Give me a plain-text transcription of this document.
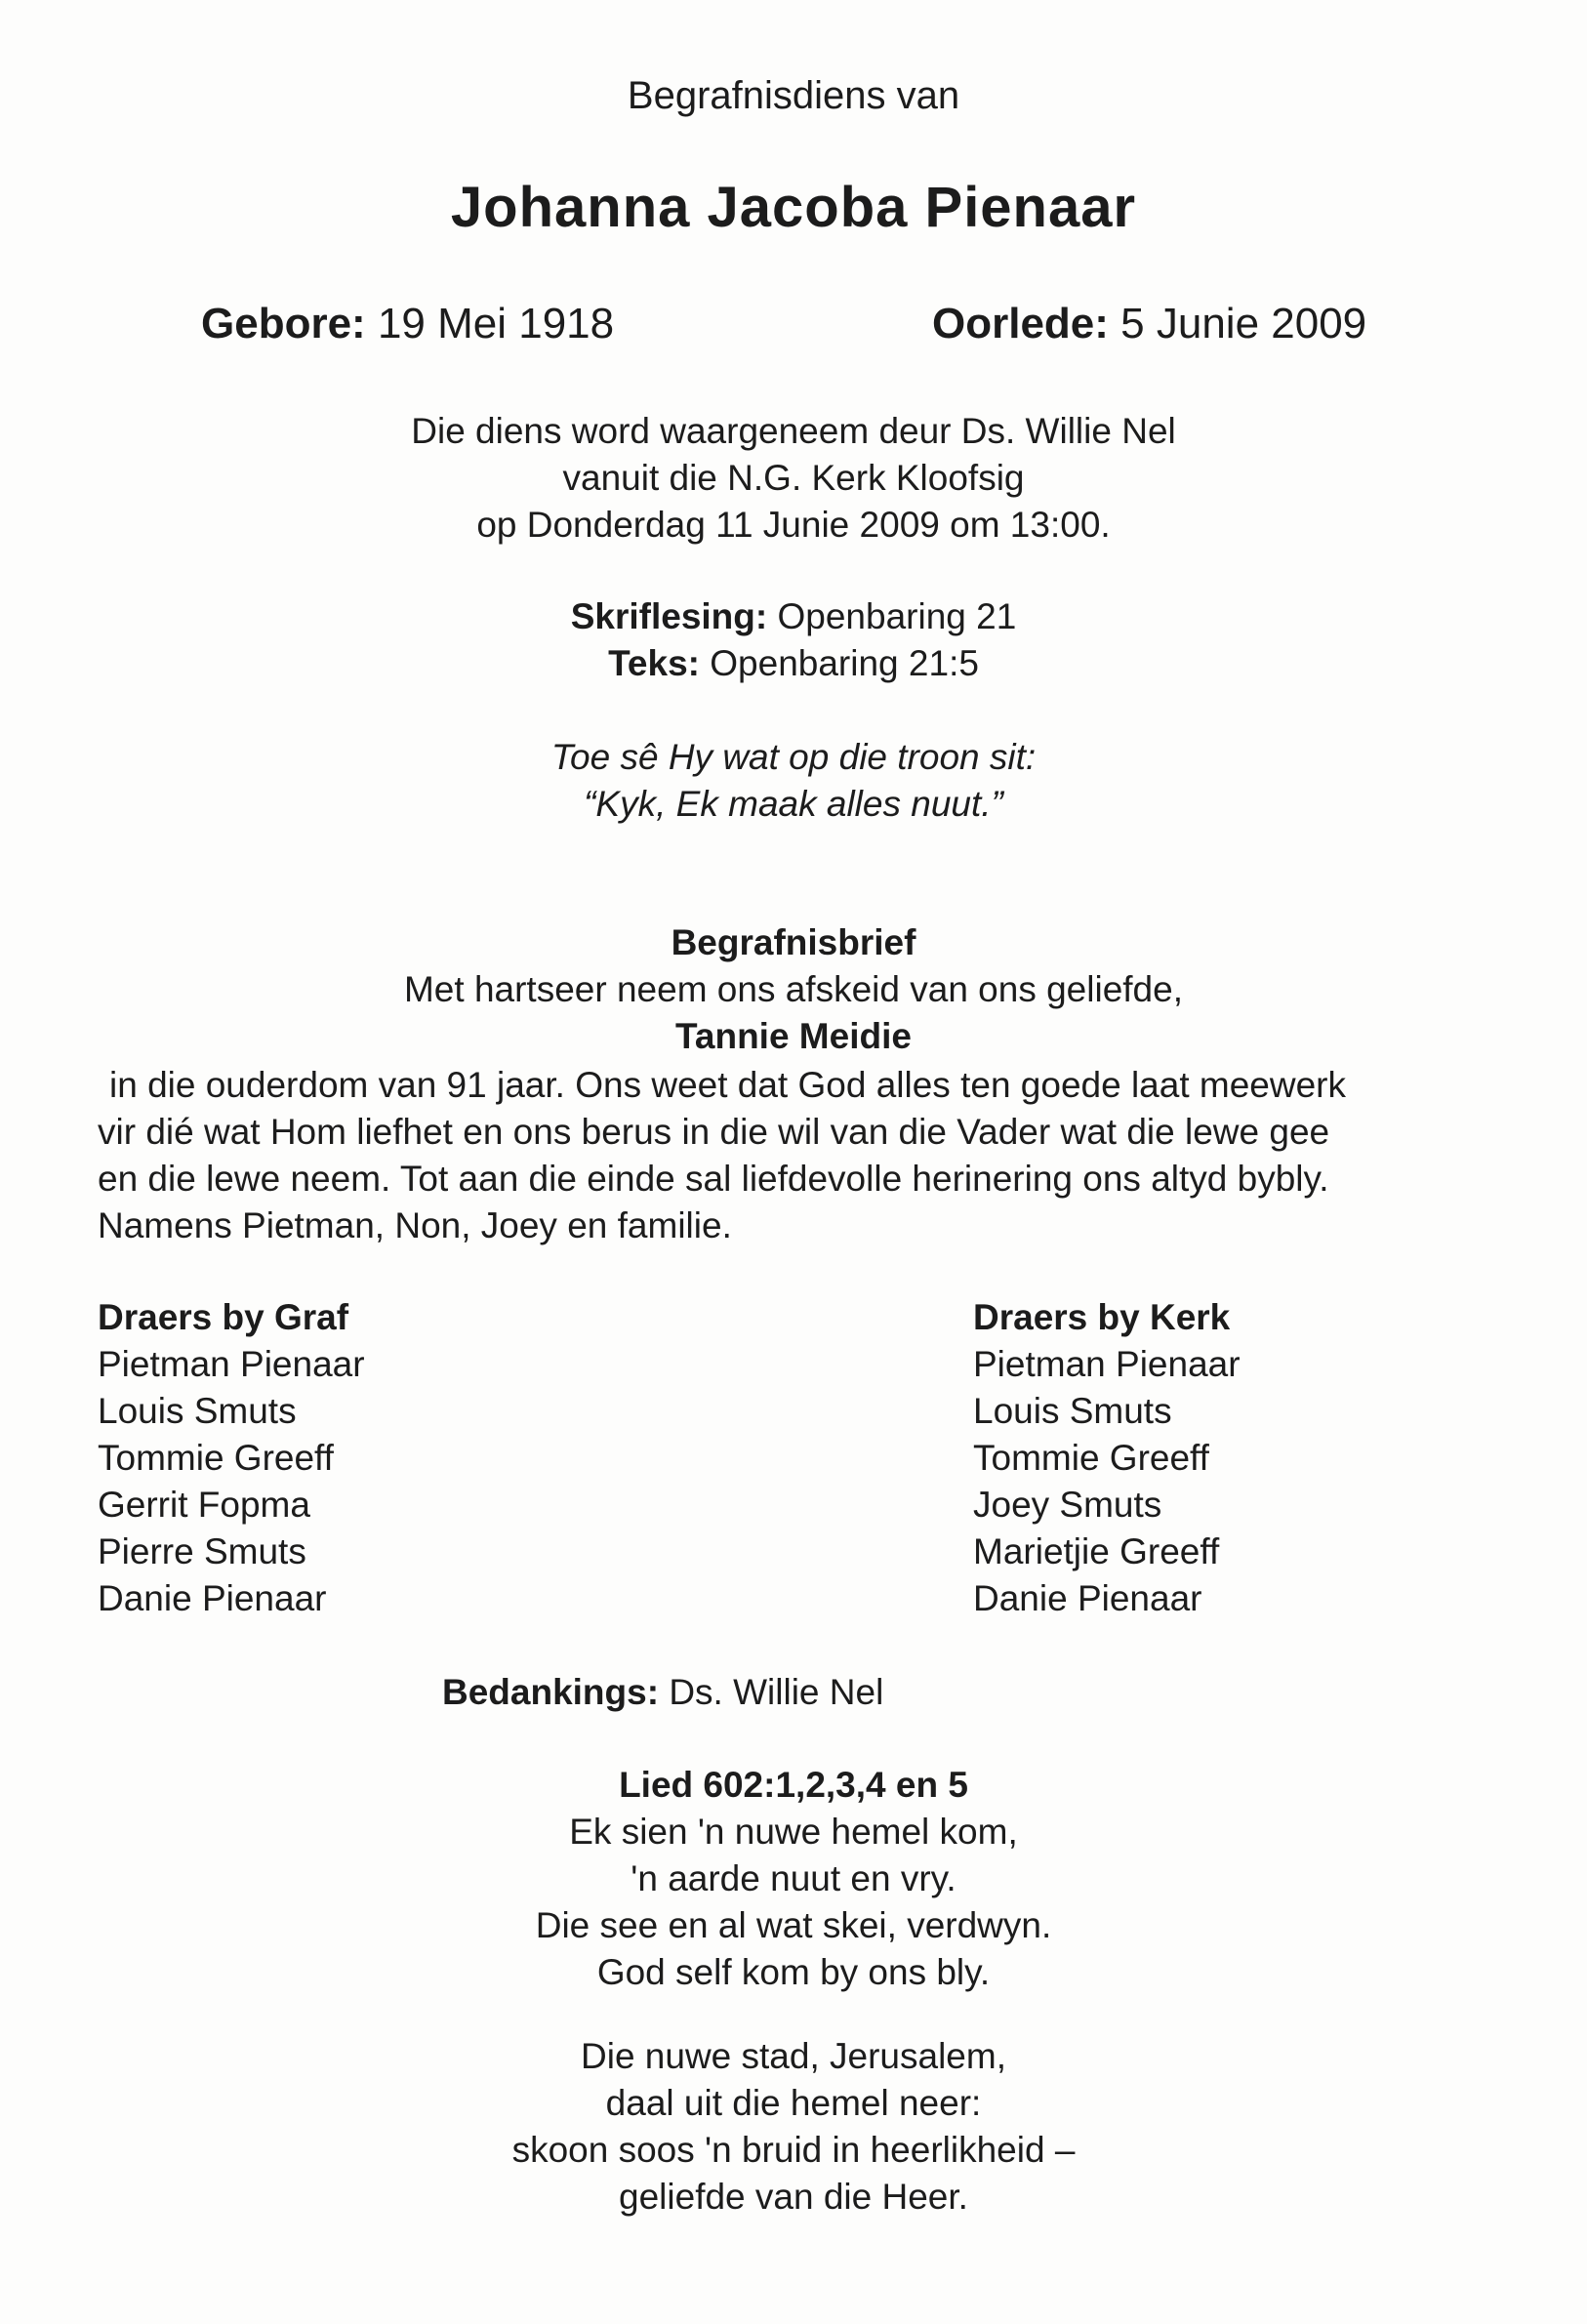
Begrafnisdiens van
Johanna Jacoba Pienaar
Gebore: 19 Mei 1918	Oorlede: 5 Junie 2009
Die diens word waargeneem deur Ds. Willie Nel
vanuit die N.G. Kerk Kloofsig
op Donderdag 11 Junie 2009 om 13:00.
Skriflesing: Openbaring 21
Teks: Openbaring 21:5
Toe sê Hy wat op die troon sit:
“Kyk, Ek maak alles nuut.”
Begrafnisbrief
Met hartseer neem ons afskeid van ons geliefde,
Tannie Meidie
in die ouderdom van 91 jaar. Ons weet dat God alles ten goede laat meewerk
vir dié wat Hom liefhet en ons berus in die wil van die Vader wat die lewe gee
en die lewe neem. Tot aan die einde sal liefdevolle herinering ons altyd bybly.
Namens Pietman, Non, Joey en familie.
Draers by Graf
Pietman Pienaar
Louis Smuts
Tommie Greeff
Gerrit Fopma
Pierre Smuts
Danie Pienaar
Draers by Kerk
Pietman Pienaar
Louis Smuts
Tommie Greeff
Joey Smuts
Marietjie Greeff
Danie Pienaar
Bedankings: Ds. Willie Nel
Lied 602:1,2,3,4 en 5
Ek sien 'n nuwe hemel kom,
'n aarde nuut en vry.
Die see en al wat skei, verdwyn.
God self kom by ons bly.
Die nuwe stad, Jerusalem,
daal uit die hemel neer:
skoon soos 'n bruid in heerlikheid –
geliefde van die Heer.
